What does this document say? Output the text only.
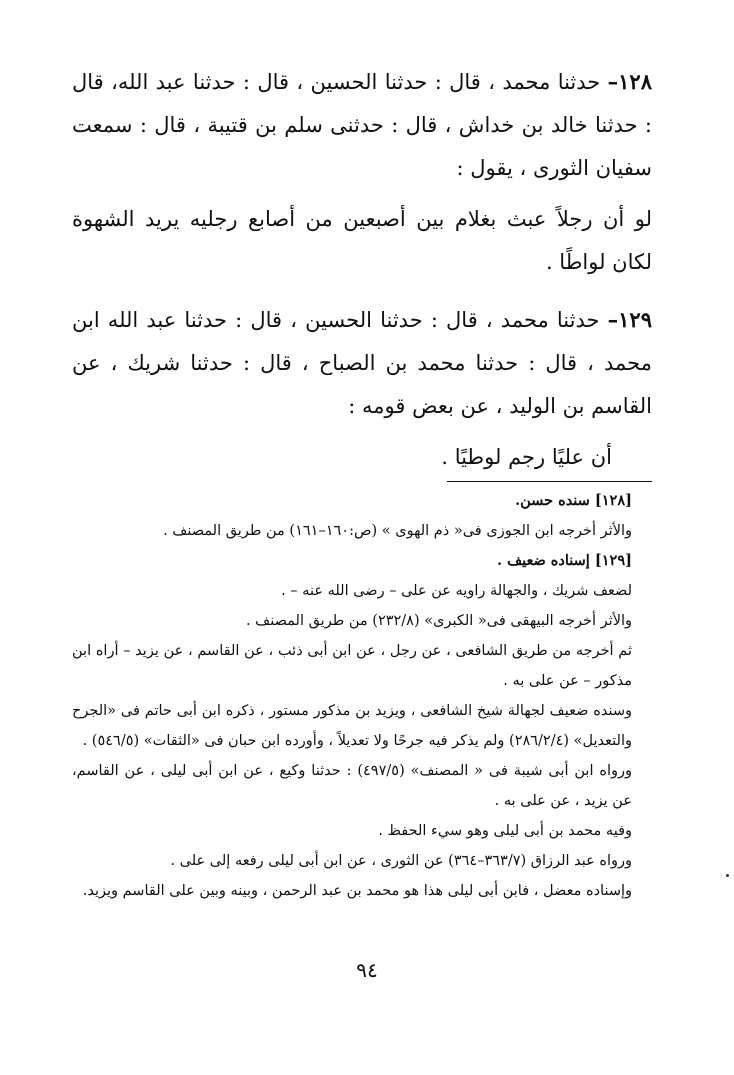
١٢٨– حدثنا محمد ، قال : حدثنا الحسين ، قال : حدثنا عبد الله، قال : حدثنا خالد بن خداش ، قال : حدثنى سلم بن قتيبة ، قال : سمعت سفيان الثورى ، يقول :

لو أن رجلاً عبث بغلام بين أصبعين من أصابع رجليه يريد الشهوة لكان لواطًا .

١٢٩– حدثنا محمد ، قال : حدثنا الحسين ، قال : حدثنا عبد الله ابن محمد ، قال : حدثنا محمد بن الصباح ، قال : حدثنا شريك ، عن القاسم بن الوليد ، عن بعض قومه :

أن عليًا رجم لوطيًا .

[١٢٨] سنده حسن.

والأثر أخرجه ابن الجوزى فى« ذم الهوى » (ص:١٦٠–١٦١) من طريق المصنف .

[١٢٩] إسناده ضعيف .

لضعف شريك ، والجهالة راويه عن على – رضى الله عنه – .

والأثر أخرجه البيهقى فى« الكبرى» (٢٣٢/٨) من طريق المصنف .

ثم أخرجه من طريق الشافعى ، عن رجل ، عن ابن أبى ذئب ، عن القاسم ، عن يزيد – أراه ابن مذكور – عن على به .

وسنده ضعيف لجهالة شيخ الشافعى ، ويزيد بن مذكور مستور ، ذكره ابن أبى حاتم فى «الجرح والتعديل» (٢٨٦/٢/٤) ولم يذكر فيه جرحًا ولا تعديلاً ، وأورده ابن حبان فى «الثقات» (٥٤٦/٥) .

ورواه ابن أبى شيبة فى « المصنف» (٤٩٧/٥) : حدثنا وكيع ، عن ابن أبى ليلى ، عن القاسم، عن يزيد ، عن على به .

وفيه محمد بن أبى ليلى وهو سيء الحفظ .

ورواه عبد الرزاق (٣٦٣/٧–٣٦٤) عن الثورى ، عن ابن أبى ليلى رفعه إلى على .

وإسناده معضل ، فابن أبى ليلى هذا هو محمد بن عبد الرحمن ، وبينه وبين على القاسم ويزيد.

٩٤
